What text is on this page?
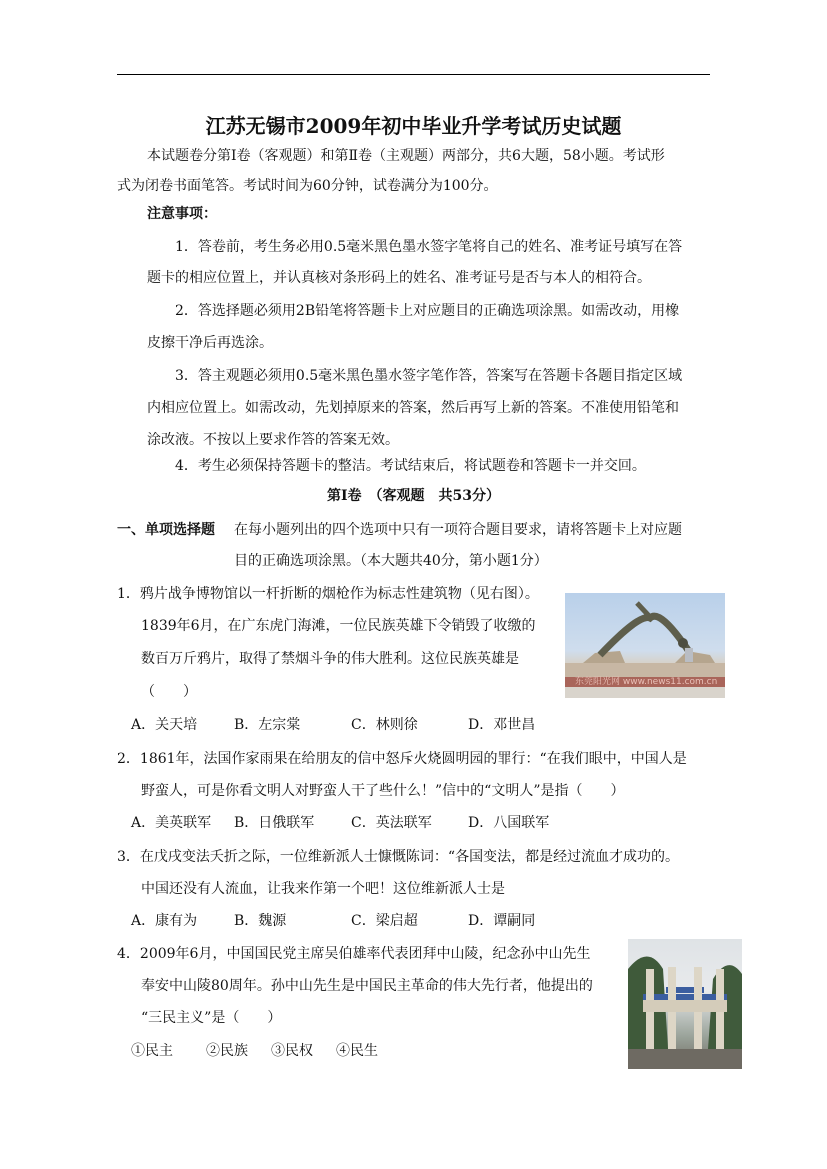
江苏无锡市2009年初中毕业升学考试历史试题
本试题卷分第Ⅰ卷（客观题）和第Ⅱ卷（主观题）两部分，共6大题，58小题。考试形
式为闭卷书面笔答。考试时间为60分钟，试卷满分为100分。
注意事项：
1．答卷前，考生务必用0.5毫米黑色墨水签字笔将自己的姓名、准考证号填写在答
题卡的相应位置上，并认真核对条形码上的姓名、准考证号是否与本人的相符合。
2．答选择题必须用2B铅笔将答题卡上对应题目的正确选项涂黑。如需改动，用橡
皮擦干净后再选涂。
3．答主观题必须用0.5毫米黑色墨水签字笔作答，答案写在答题卡各题目指定区域
内相应位置上。如需改动，先划掉原来的答案，然后再写上新的答案。不准使用铅笔和
涂改液。不按以上要求作答的答案无效。
4．考生必须保持答题卡的整洁。考试结束后，将试题卷和答题卡一并交回。
第Ⅰ卷　（客观题　共53分）
一、单项选择题 在每小题列出的四个选项中只有一项符合题目要求，请将答题卡上对应题
目的正确选项涂黑。（本大题共40分，第小题1分）
1．鸦片战争博物馆以一杆折断的烟枪作为标志性建筑物（见右图）。
1839年6月，在广东虎门海滩，一位民族英雄下令销毁了收缴的
数百万斤鸦片，取得了禁烟斗争的伟大胜利。这位民族英雄是
（　　）
A．关天培	B．左宗棠	C．林则徐	D．邓世昌
东莞阳光网 www.news11.com.cn
2．1861年，法国作家雨果在给朋友的信中怒斥火烧圆明园的罪行：“在我们眼中，中国人是
野蛮人，可是你看文明人对野蛮人干了些什么！”信中的“文明人”是指（　　）
A．美英联军 B．日俄联军	C．英法联军	D．八国联军
3．在戊戌变法夭折之际，一位维新派人士慷慨陈词：“各国变法，都是经过流血才成功的。
中国还没有人流血，让我来作第一个吧！这位维新派人士是
A．康有为	B．魏源	C．梁启超	D．谭嗣同
4．2009年6月，中国国民党主席吴伯雄率代表团拜中山陵，纪念孙中山先生
奉安中山陵80周年。孙中山先生是中国民主革命的伟大先行者，他提出的
“三民主义”是（　　）
①民主 ②民族 ③民权 ④民生
